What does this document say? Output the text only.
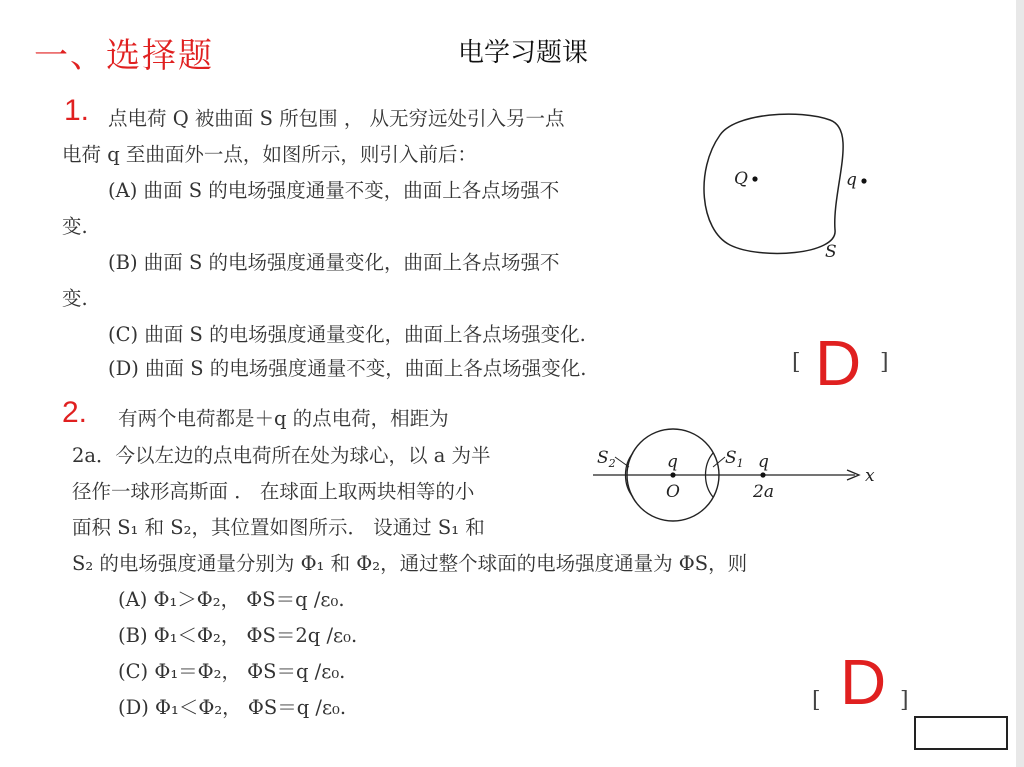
一、选择题	电学习题课
1. 点电荷 Q 被曲面 S 所包围 ， 从无穷远处引入另一点
电荷 q 至曲面外一点，如图所示，则引入前后：
(A) 曲面 S 的电场强度通量不变，曲面上各点场强不
变.
(B) 曲面 S 的电场强度通量变化，曲面上各点场强不
变.
(C) 曲面 S 的电场强度通量变化，曲面上各点场强变化.
(D) 曲面 S 的电场强度通量不变，曲面上各点场强变化.	[ D ]
Q	q
S
2. 有两个电荷都是＋q 的点电荷，相距为
2a．今以左边的点电荷所在处为球心，以 a 为半
径作一球形高斯面 ． 在球面上取两块相等的小
面积 S₁ 和 S₂，其位置如图所示． 设通过 S₁ 和
S₂ 的电场强度通量分别为 Φ₁ 和 Φ₂，通过整个球面的电场强度通量为 ΦS，则
(A) Φ₁＞Φ₂， ΦS＝q /ε₀.
(B) Φ₁＜Φ₂， ΦS＝2q /ε₀.
(C) Φ₁＝Φ₂， ΦS＝q /ε₀.
(D) Φ₁＜Φ₂， ΦS＝q /ε₀.	[ D ]
x
$S_2$	$S_1$
q
O
q
2a
